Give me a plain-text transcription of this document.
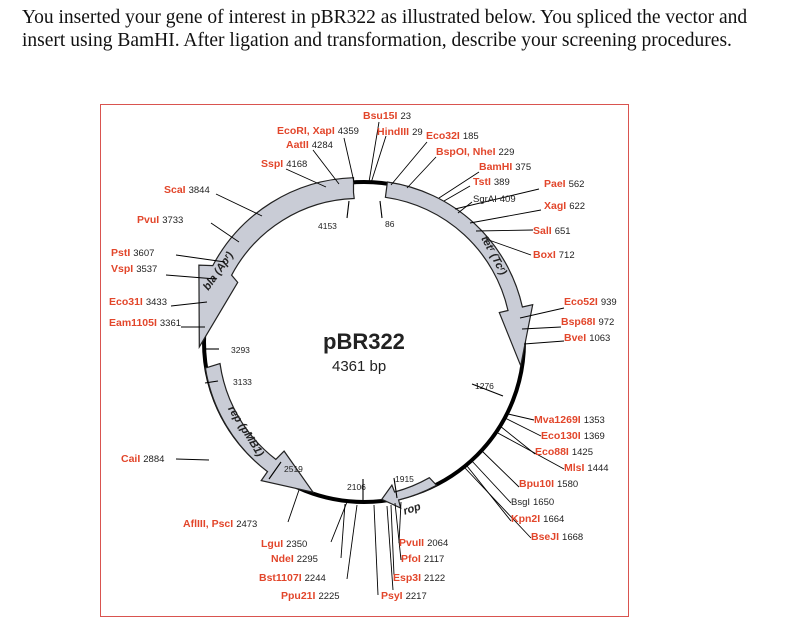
You inserted your gene of interest in pBR322 as illustrated below. You spliced the vector and insert using BamHI. After ligation and transformation, describe your screening procedures.
bla (Apʳ)	tetʳ (Tcʳ)
rep (pMB1)
rop
pBR322
4361 bp
4153	86
3293
3133	1276
2519
2106
1915
Bsu15I 23
EcoRI, XapI 4359 HindIII 29 Eco32I 185
AatII 4284
BspOI, NheI 229
SspI 4168	BamHI 375
TstI 389	PaeI 562
ScaI 3844
SgrAI 409
XagI 622
PvuI 3733
SalI 651
PstI 3607	BoxI 712
VspI 3537
Eco31I 3433	Eco52I 939
Eam1105I 3361	Bsp68I 972
BveI 1063
Mva1269I 1353
Eco130I 1369
CaiI 2884
Eco88I 1425
MlsI 1444
Bpu10I 1580
BsgI 1650
Kpn2I 1664
AflIII, PscI 2473
BseJI 1668
PvuII 2064
LguI 2350
PfoI 2117
NdeI 2295
Esp3I 2122
Bst1107I 2244
Ppu21I 2225	PsyI 2217
